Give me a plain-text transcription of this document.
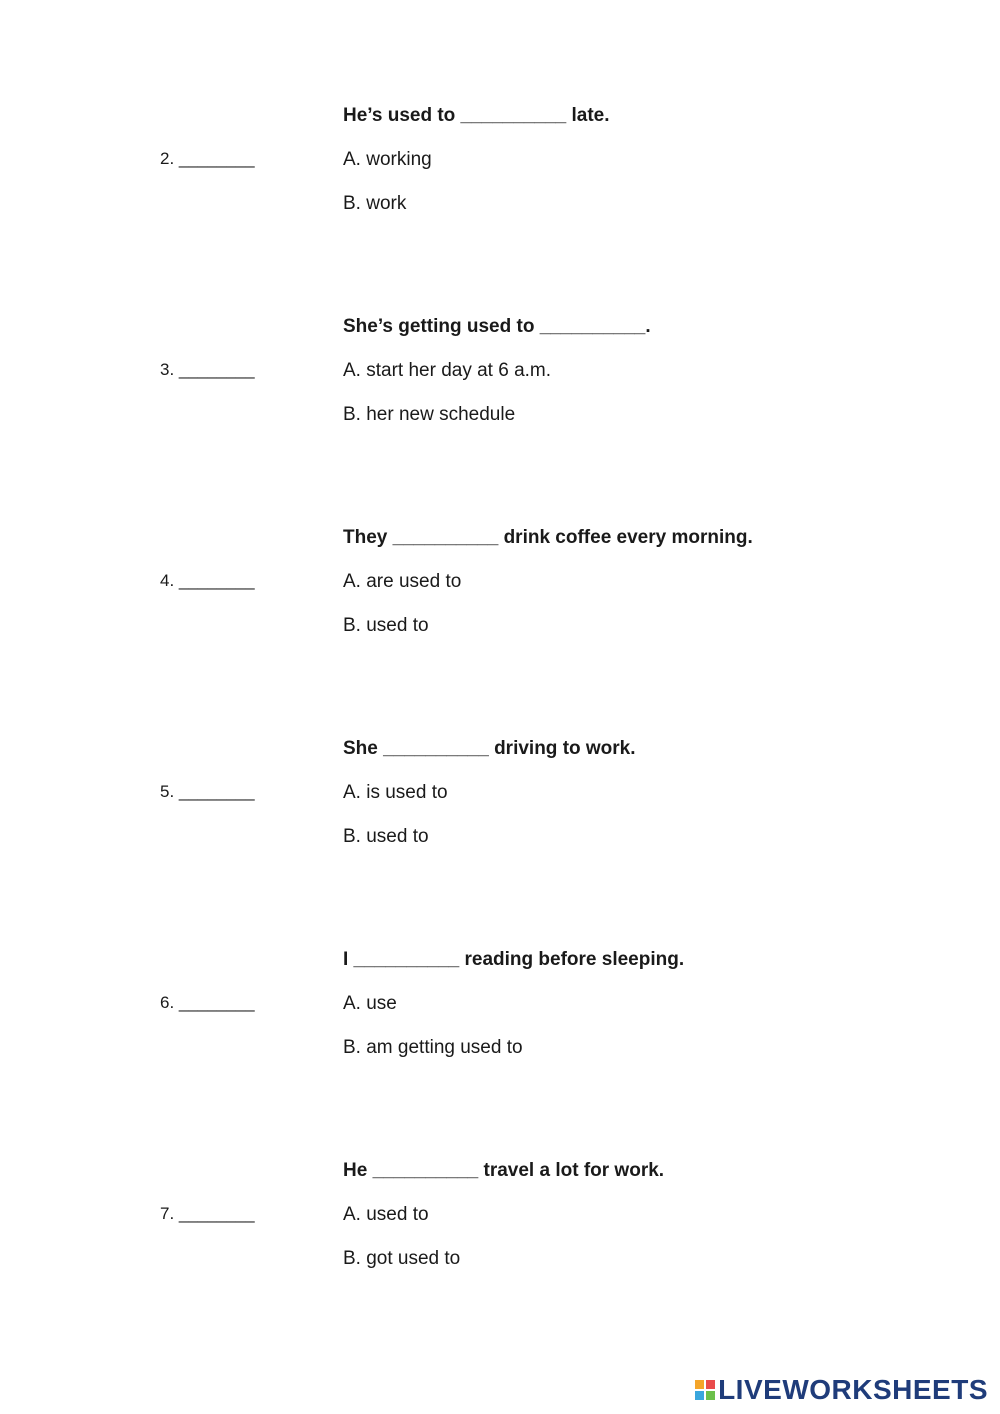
He’s used to __________ late.
2. ________	A. working
B. work
She’s getting used to __________.
3. ________	A. start her day at 6 a.m.
B. her new schedule
They __________ drink coffee every morning.
4. ________	A. are used to
B. used to
She __________ driving to work.
5. ________	A. is used to
B. used to
I __________ reading before sleeping.
6. ________	A. use
B. am getting used to
He __________ travel a lot for work.
7. ________	A. used to
B. got used to
LIVEWORKSHEETS
